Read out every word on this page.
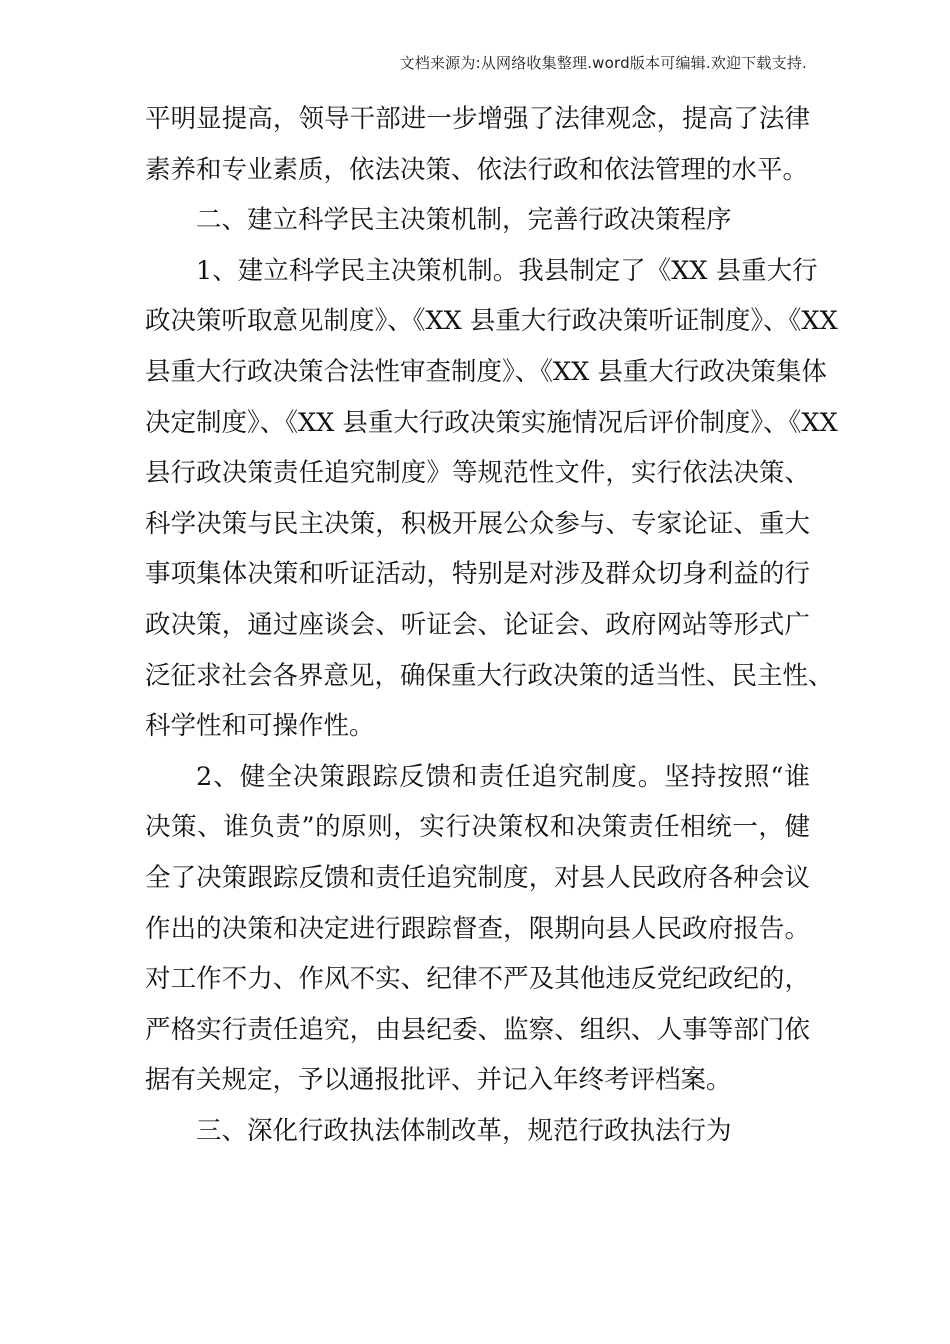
文档来源为:从网络收集整理.word版本可编辑.欢迎下载支持.
平明显提高，领导干部进一步增强了法律观念，提高了法律
素养和专业素质，依法决策、依法行政和依法管理的水平。
二、建立科学民主决策机制，完善行政决策程序
1、建立科学民主决策机制。我县制定了《XX 县重大行
政决策听取意见制度》、《XX 县重大行政决策听证制度》、《XX
县重大行政决策合法性审查制度》、《XX 县重大行政决策集体
决定制度》、《XX 县重大行政决策实施情况后评价制度》、《XX
县行政决策责任追究制度》等规范性文件，实行依法决策、
科学决策与民主决策，积极开展公众参与、专家论证、重大
事项集体决策和听证活动，特别是对涉及群众切身利益的行
政决策，通过座谈会、听证会、论证会、政府网站等形式广
泛征求社会各界意见，确保重大行政决策的适当性、民主性、
科学性和可操作性。
2、健全决策跟踪反馈和责任追究制度。坚持按照“谁
决策、谁负责”的原则，实行决策权和决策责任相统一，健
全了决策跟踪反馈和责任追究制度，对县人民政府各种会议
作出的决策和决定进行跟踪督查，限期向县人民政府报告。
对工作不力、作风不实、纪律不严及其他违反党纪政纪的，
严格实行责任追究，由县纪委、监察、组织、人事等部门依
据有关规定，予以通报批评、并记入年终考评档案。
三、深化行政执法体制改革，规范行政执法行为
